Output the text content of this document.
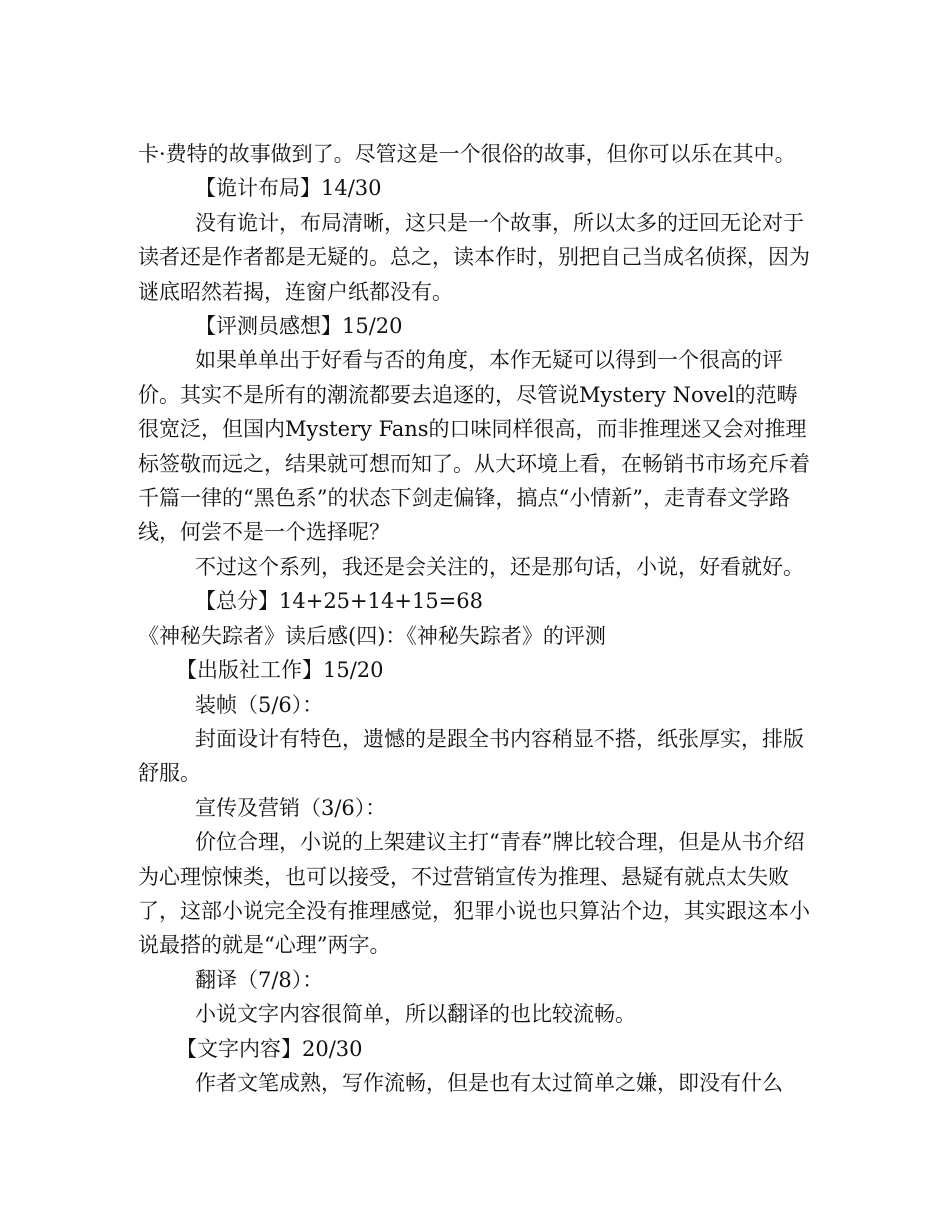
卡·费特的故事做到了。尽管这是一个很俗的故事，但你可以乐在其中。

【诡计布局】14/30

没有诡计，布局清晰，这只是一个故事，所以太多的迂回无论对于读者还是作者都是无疑的。总之，读本作时，别把自己当成名侦探，因为谜底昭然若揭，连窗户纸都没有。

【评测员感想】15/20

如果单单出于好看与否的角度，本作无疑可以得到一个很高的评价。其实不是所有的潮流都要去追逐的，尽管说Mystery Novel的范畴很宽泛，但国内Mystery Fans的口味同样很高，而非推理迷又会对推理标签敬而远之，结果就可想而知了。从大环境上看，在畅销书市场充斥着千篇一律的“黑色系”的状态下剑走偏锋，搞点“小情新”，走青春文学路线，何尝不是一个选择呢？

不过这个系列，我还是会关注的，还是那句话，小说，好看就好。

【总分】14+25+14+15=68

《神秘失踪者》读后感(四)：《神秘失踪者》的评测

【出版社工作】15/20

装帧（5/6）：

封面设计有特色，遗憾的是跟全书内容稍显不搭，纸张厚实，排版舒服。

宣传及营销（3/6）：

价位合理，小说的上架建议主打“青春”牌比较合理，但是从书介绍为心理惊悚类，也可以接受，不过营销宣传为推理、悬疑有就点太失败了，这部小说完全没有推理感觉，犯罪小说也只算沾个边，其实跟这本小说最搭的就是“心理”两字。

翻译（7/8）：

小说文字内容很简单，所以翻译的也比较流畅。

【文字内容】20/30

作者文笔成熟，写作流畅，但是也有太过简单之嫌，即没有什么
